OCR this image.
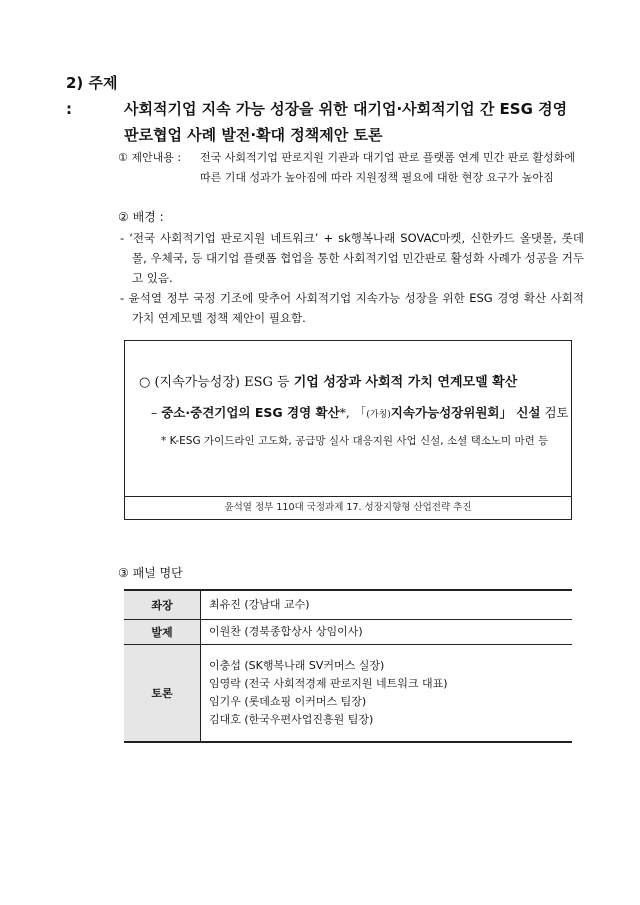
2) 주제 :	사회적기업 지속 가능 성장을 위한 대기업·사회적기업 간 ESG 경영
판로협업 사례 발전·확대 정책제안 토론
① 제안내용 : 전국 사회적기업 판로지원 기관과 대기업 판로 플랫폼 연계 민간 판로 활성화에
따른 기대 성과가 높아짐에 따라 지원정책 필요에 대한 현장 요구가 높아짐
② 배경 :
- ‘전국 사회적기업 판로지원 네트워크’ + sk행복나래 SOVAC마켓, 신한카드 올댓몰, 롯데몰, 우체국, 등 대기업 플랫폼 협업을 통한 사회적기업 민간판로 활성화 사례가 성공을 거두고 있음.
- 윤석열 정부 국정 기조에 맞추어 사회적기업 지속가능 성장을 위한 ESG 경영 확산 사회적 가치 연계모델 정책 제안이 필요함.
○ (지속가능성장) ESG 등 기업 성장과 사회적 가치 연계모델 확산
– 중소·중견기업의 ESG 경영 확산*, 「(가칭)지속가능성장위원회」 신설 검토
* K-ESG 가이드라인 고도화, 공급망 실사 대응지원 사업 신설, 소셜 택소노미 마련 등
윤석열 정부 110대 국정과제 17. 성장지향형 산업전략 추진
③ 패널 명단
좌장	최유진 (강남대 교수)

발제	이원찬 (경북종합상사 상임이사)

토론	이충섭 (SK행복나래 SV커머스 실장)
임영락 (전국 사회적경제 판로지원 네트워크 대표)
임기우 (롯데쇼핑 이커머스 팀장)
김대호 (한국우편사업진흥원 팀장)
